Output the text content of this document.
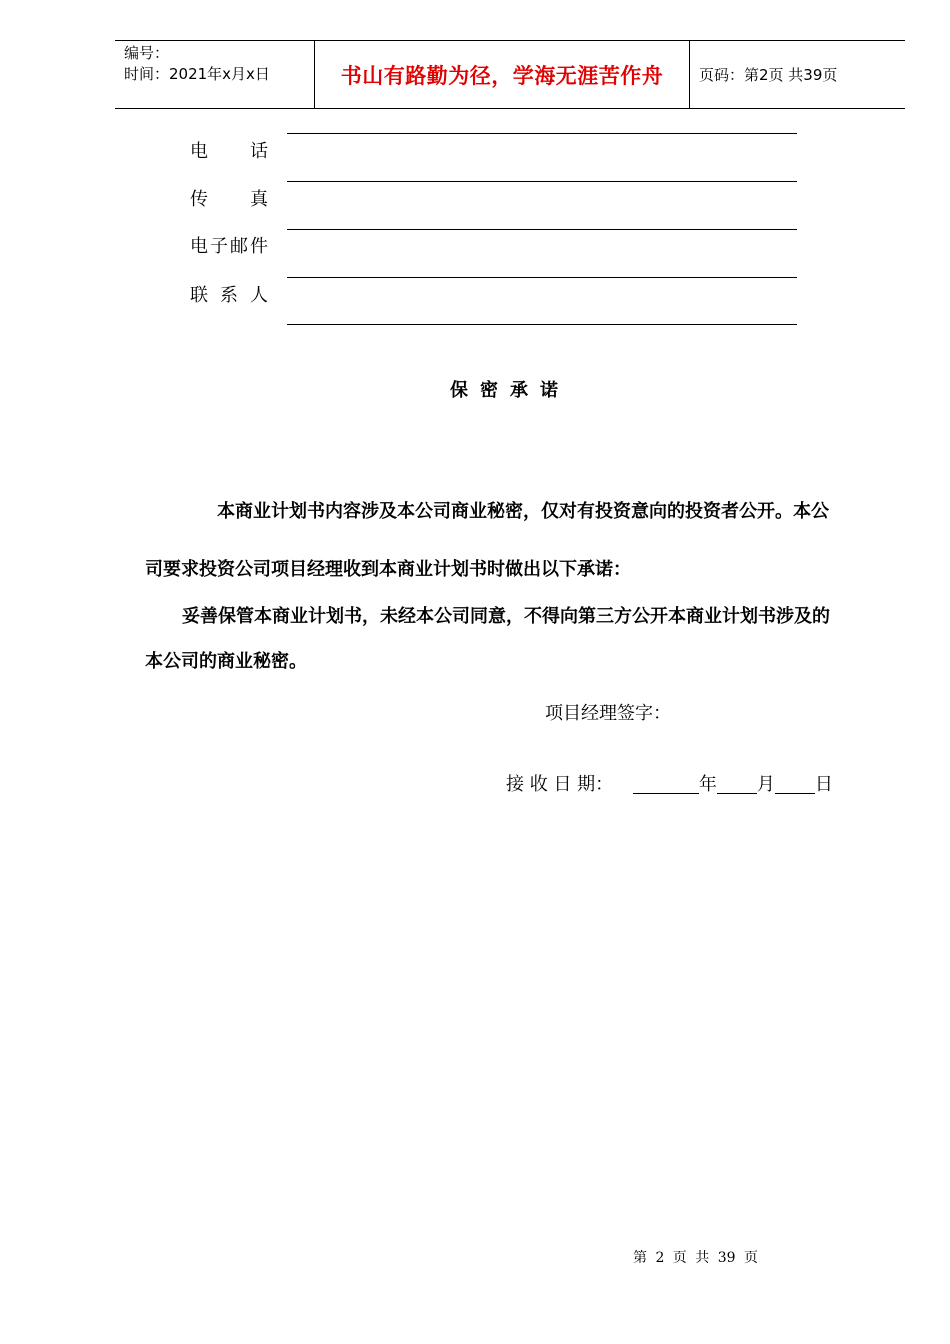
编号：
时间：2021年x月x日	书山有路勤为径，学海无涯苦作舟	页码：第2页 共39页
电 话
传 真
电 子 邮 件
联 系 人
保密承诺
本商业计划书内容涉及本公司商业秘密，仅对有投资意向的投资者公开。本公
司要求投资公司项目经理收到本商业计划书时做出以下承诺：
妥善保管本商业计划书，未经本公司同意，不得向第三方公开本商业计划书涉及的
本公司的商业秘密。
项目经理签字：
接 收 日 期：	年 月 日
第 2 页 共 39 页
